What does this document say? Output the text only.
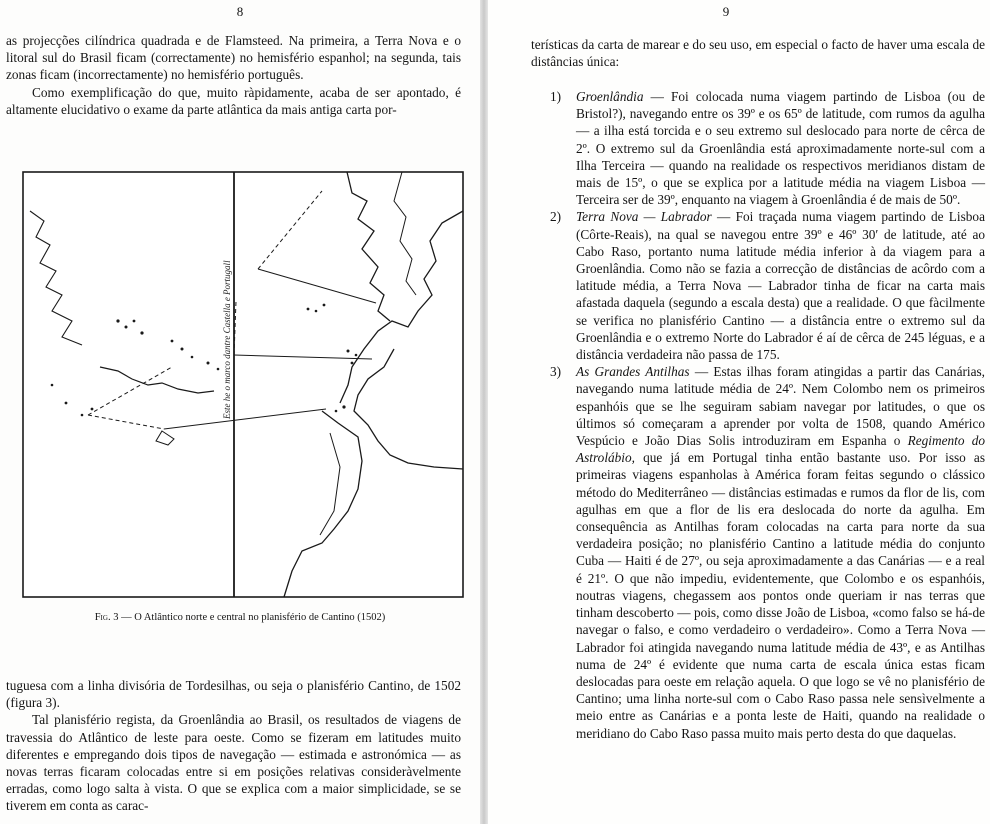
8

as projecções cilíndrica quadrada e de Flamsteed. Na primeira, a Terra Nova e o litoral sul do Brasil ficam (correctamente) no hemisfério espanhol; na segunda, tais zonas ficam (incorrectamente) no hemisfério português.

Como exemplificação do que, muito ràpidamente, acaba de ser apontado, é altamente elucidativo o exame da parte atlântica da mais antiga carta por-

Este he o marco dantre Castella e Portugall
Fig. 3 — O Atlântico norte e central no planisfério de Cantino (1502)

tuguesa com a linha divisória de Tordesilhas, ou seja o planisfério Cantino, de 1502 (figura 3).

Tal planisfério regista, da Groenlândia ao Brasil, os resultados de viagens de travessia do Atlântico de leste para oeste. Como se fizeram em latitudes muito diferentes e empregando dois tipos de navegação — estimada e astronómica — as novas terras ficaram colocadas entre si em posições relativas consideràvelmente erradas, como logo salta à vista. O que se explica com a maior simplicidade, se se tiverem em conta as carac-

9

terísticas da carta de marear e do seu uso, em especial o facto de haver uma escala de distâncias única:

1) Groenlândia — Foi colocada numa viagem partindo de Lisboa (ou de Bristol?), navegando entre os 39º e os 65º de latitude, com rumos da agulha — a ilha está torcida e o seu extremo sul deslocado para norte de cêrca de 2º. O extremo sul da Groenlândia está aproximadamente norte-sul com a Ilha Terceira — quando na realidade os respectivos meridianos distam de mais de 15º, o que se explica por a latitude média na viagem Lisboa — Terceira ser de 39º, enquanto na viagem à Groenlândia é de mais de 50º.
2) Terra Nova — Labrador — Foi traçada numa viagem partindo de Lisboa (Côrte-Reais), na qual se navegou entre 39º e 46º 30′ de latitude, até ao Cabo Raso, portanto numa latitude média inferior à da viagem para a Groenlândia. Como não se fazia a correcção de distâncias de acôrdo com a latitude média, a Terra Nova — Labrador tinha de ficar na carta mais afastada daquela (segundo a escala desta) que a realidade. O que fàcilmente se verifica no planisfério Cantino — a distância entre o extremo sul da Groenlândia e o extremo Norte do Labrador é aí de cêrca de 245 léguas, e a distância verdadeira não passa de 175.
3) As Grandes Antilhas — Estas ilhas foram atingidas a partir das Canárias, navegando numa latitude média de 24º. Nem Colombo nem os primeiros espanhóis que se lhe seguiram sabiam navegar por latitudes, o que os últimos só começaram a aprender por volta de 1508, quando Américo Vespúcio e João Dias Solis introduziram em Espanha o Regimento do Astrolábio, que já em Portugal tinha então bastante uso. Por isso as primeiras viagens espanholas à América foram feitas segundo o clássico método do Mediterrâneo — distâncias estimadas e rumos da flor de lis, com agulhas em que a flor de lis era deslocada do norte da agulha. Em consequência as Antilhas foram colocadas na carta para norte da sua verdadeira posição; no planisfério Cantino a latitude média do conjunto Cuba — Haiti é de 27º, ou seja aproximadamente a das Canárias — e a real é 21º. O que não impediu, evidentemente, que Colombo e os espanhóis, noutras viagens, chegassem aos pontos onde queriam ir nas terras que tinham descoberto — pois, como disse João de Lisboa, «como falso se há-de navegar o falso, e como verdadeiro o verdadeiro». Como a Terra Nova — Labrador foi atingida navegando numa latitude média de 43º, e as Antilhas numa de 24º é evidente que numa carta de escala única estas ficam deslocadas para oeste em relação aquela. O que logo se vê no planisfério de Cantino; uma linha norte-sul com o Cabo Raso passa nele sensìvelmente a meio entre as Canárias e a ponta leste de Haiti, quando na realidade o meridiano do Cabo Raso passa muito mais perto desta do que daquelas.
